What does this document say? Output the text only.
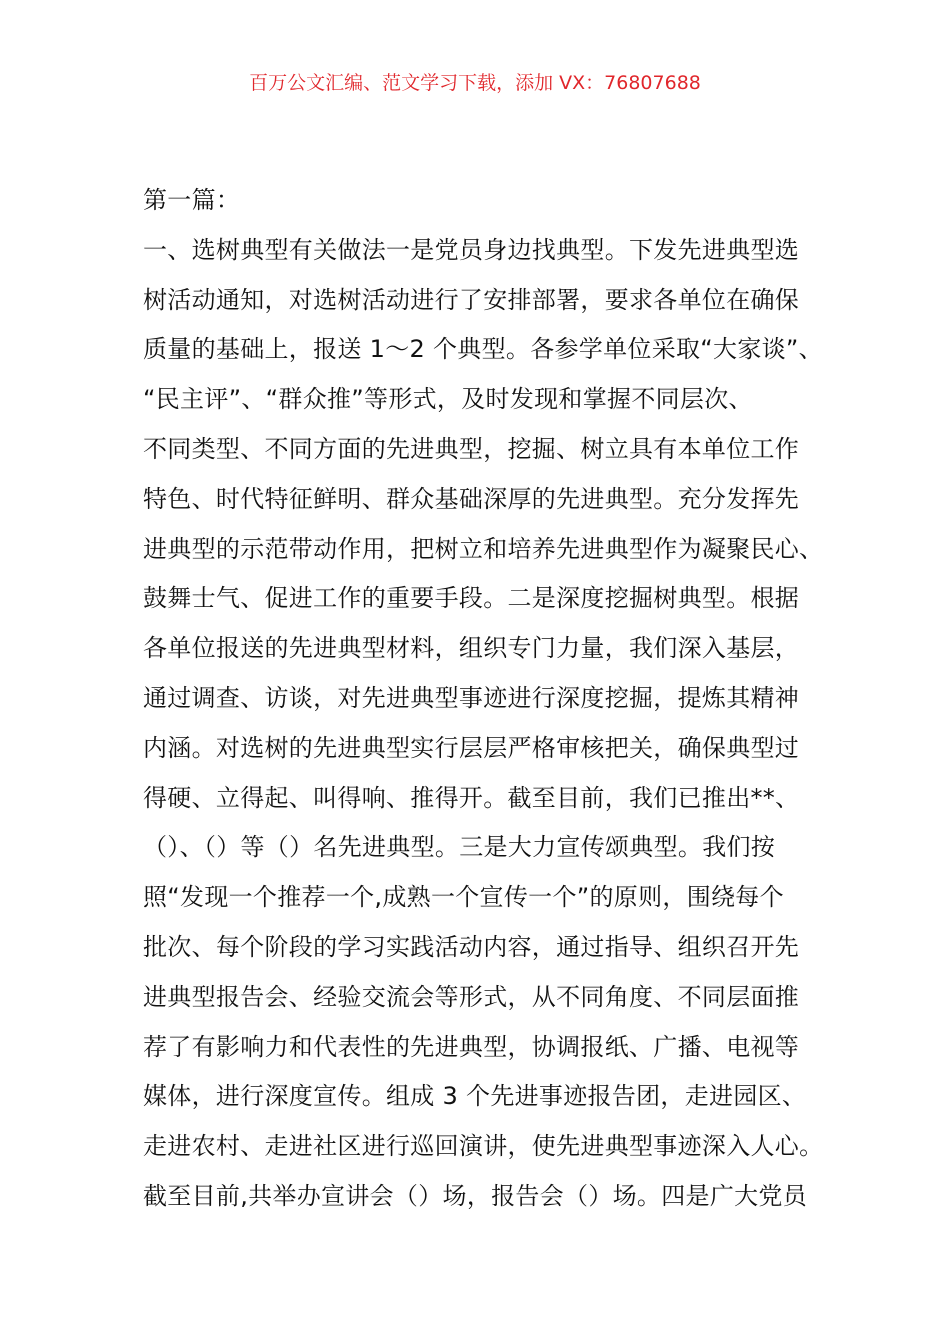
百万公文汇编、范文学习下载，添加 VX：76807688
第一篇：
一、选树典型有关做法一是党员身边找典型。下发先进典型选
树活动通知，对选树活动进行了安排部署，要求各单位在确保
质量的基础上，报送 1～2 个典型。各参学单位采取“大家谈”、
“民主评”、“群众推”等形式，及时发现和掌握不同层次、
不同类型、不同方面的先进典型，挖掘、树立具有本单位工作
特色、时代特征鲜明、群众基础深厚的先进典型。充分发挥先
进典型的示范带动作用，把树立和培养先进典型作为凝聚民心、
鼓舞士气、促进工作的重要手段。二是深度挖掘树典型。根据
各单位报送的先进典型材料，组织专门力量，我们深入基层，
通过调查、访谈，对先进典型事迹进行深度挖掘，提炼其精神
内涵。对选树的先进典型实行层层严格审核把关，确保典型过
得硬、立得起、叫得响、推得开。截至目前，我们已推出**、
（）、（）等（）名先进典型。三是大力宣传颂典型。我们按
照“发现一个推荐一个,成熟一个宣传一个”的原则，围绕每个
批次、每个阶段的学习实践活动内容，通过指导、组织召开先
进典型报告会、经验交流会等形式，从不同角度、不同层面推
荐了有影响力和代表性的先进典型，协调报纸、广播、电视等
媒体，进行深度宣传。组成 3 个先进事迹报告团，走进园区、
走进农村、走进社区进行巡回演讲，使先进典型事迹深入人心。
截至目前,共举办宣讲会（）场，报告会（）场。四是广大党员
